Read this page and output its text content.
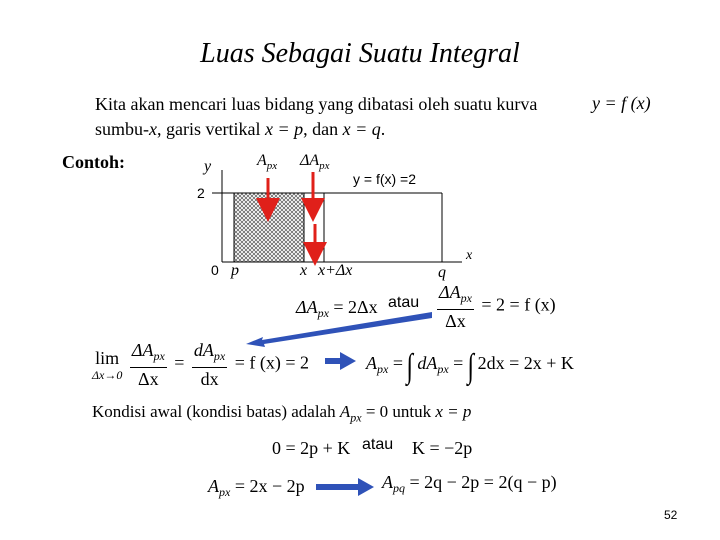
Luas Sebagai Suatu Integral
Kita akan mencari luas bidang yang dibatasi oleh suatu kurva
sumbu-x, garis vertikal x = p, dan x = q.
y = f (x)
Contoh:	y	$A_{px}$ $\Delta A_{px}$
y = f(x) =2
2
0 p	x x+Δx	q
x
$\Delta A_{px} = 2\Delta x$ atau $\frac{\Delta A_{px}}{\Delta x} = 2 = f$ (x)
lim
Δx→0
$\frac{\Delta A_{px}}{\Delta x} = \frac{dA_{px}}{dx} = f$ (x) = 2	$A_{px}$ = ∫ $dA_{px}$ = ∫ 2dx = 2x + K
Kondisi awal (kondisi batas) adalah $A_{px} = 0$ untuk x = p
0 = 2p + K atau K = −2p
$A_{px} = 2x - 2p$	$A_{pq} = 2q - 2p = 2(q - p)$
52
